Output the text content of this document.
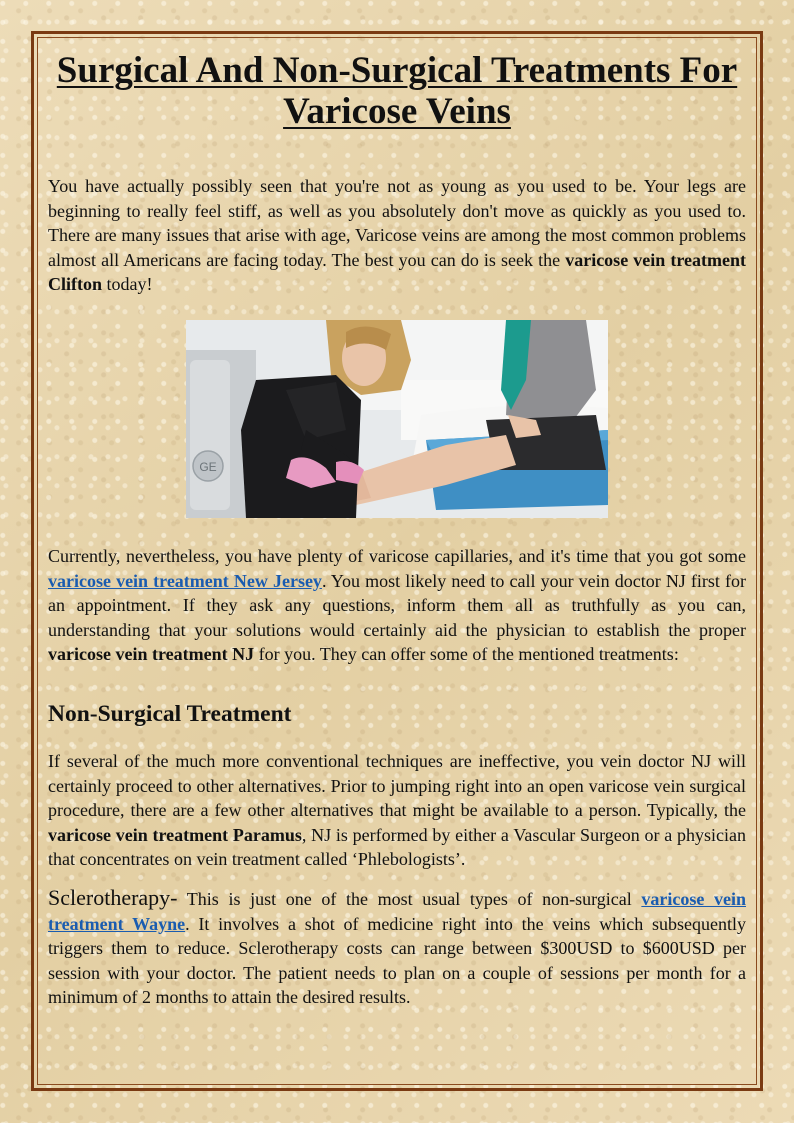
Surgical And Non-Surgical Treatments For Varicose Veins

You have actually possibly seen that you're not as young as you used to be. Your legs are beginning to really feel stiff, as well as you absolutely don't move as quickly as you used to. There are many issues that arise with age, Varicose veins are among the most common problems almost all Americans are facing today. The best you can do is seek the varicose vein treatment Clifton today!

GE

Currently, nevertheless, you have plenty of varicose capillaries, and it's time that you got some varicose vein treatment New Jersey. You most likely need to call your vein doctor NJ first for an appointment. If they ask any questions, inform them all as truthfully as you can, understanding that your solutions would certainly aid the physician to establish the proper varicose vein treatment NJ for you. They can offer some of the mentioned treatments:

Non-Surgical Treatment

If several of the much more conventional techniques are ineffective, you vein doctor NJ will certainly proceed to other alternatives. Prior to jumping right into an open varicose vein surgical procedure, there are a few other alternatives that might be available to a person. Typically, the varicose vein treatment Paramus, NJ is performed by either a Vascular Surgeon or a physician that concentrates on vein treatment called ‘Phlebologists’.

Sclerotherapy- This is just one of the most usual types of non-surgical varicose vein treatment Wayne. It involves a shot of medicine right into the veins which subsequently triggers them to reduce. Sclerotherapy costs can range between $300USD to $600USD per session with your doctor. The patient needs to plan on a couple of sessions per month for a minimum of 2 months to attain the desired results.
